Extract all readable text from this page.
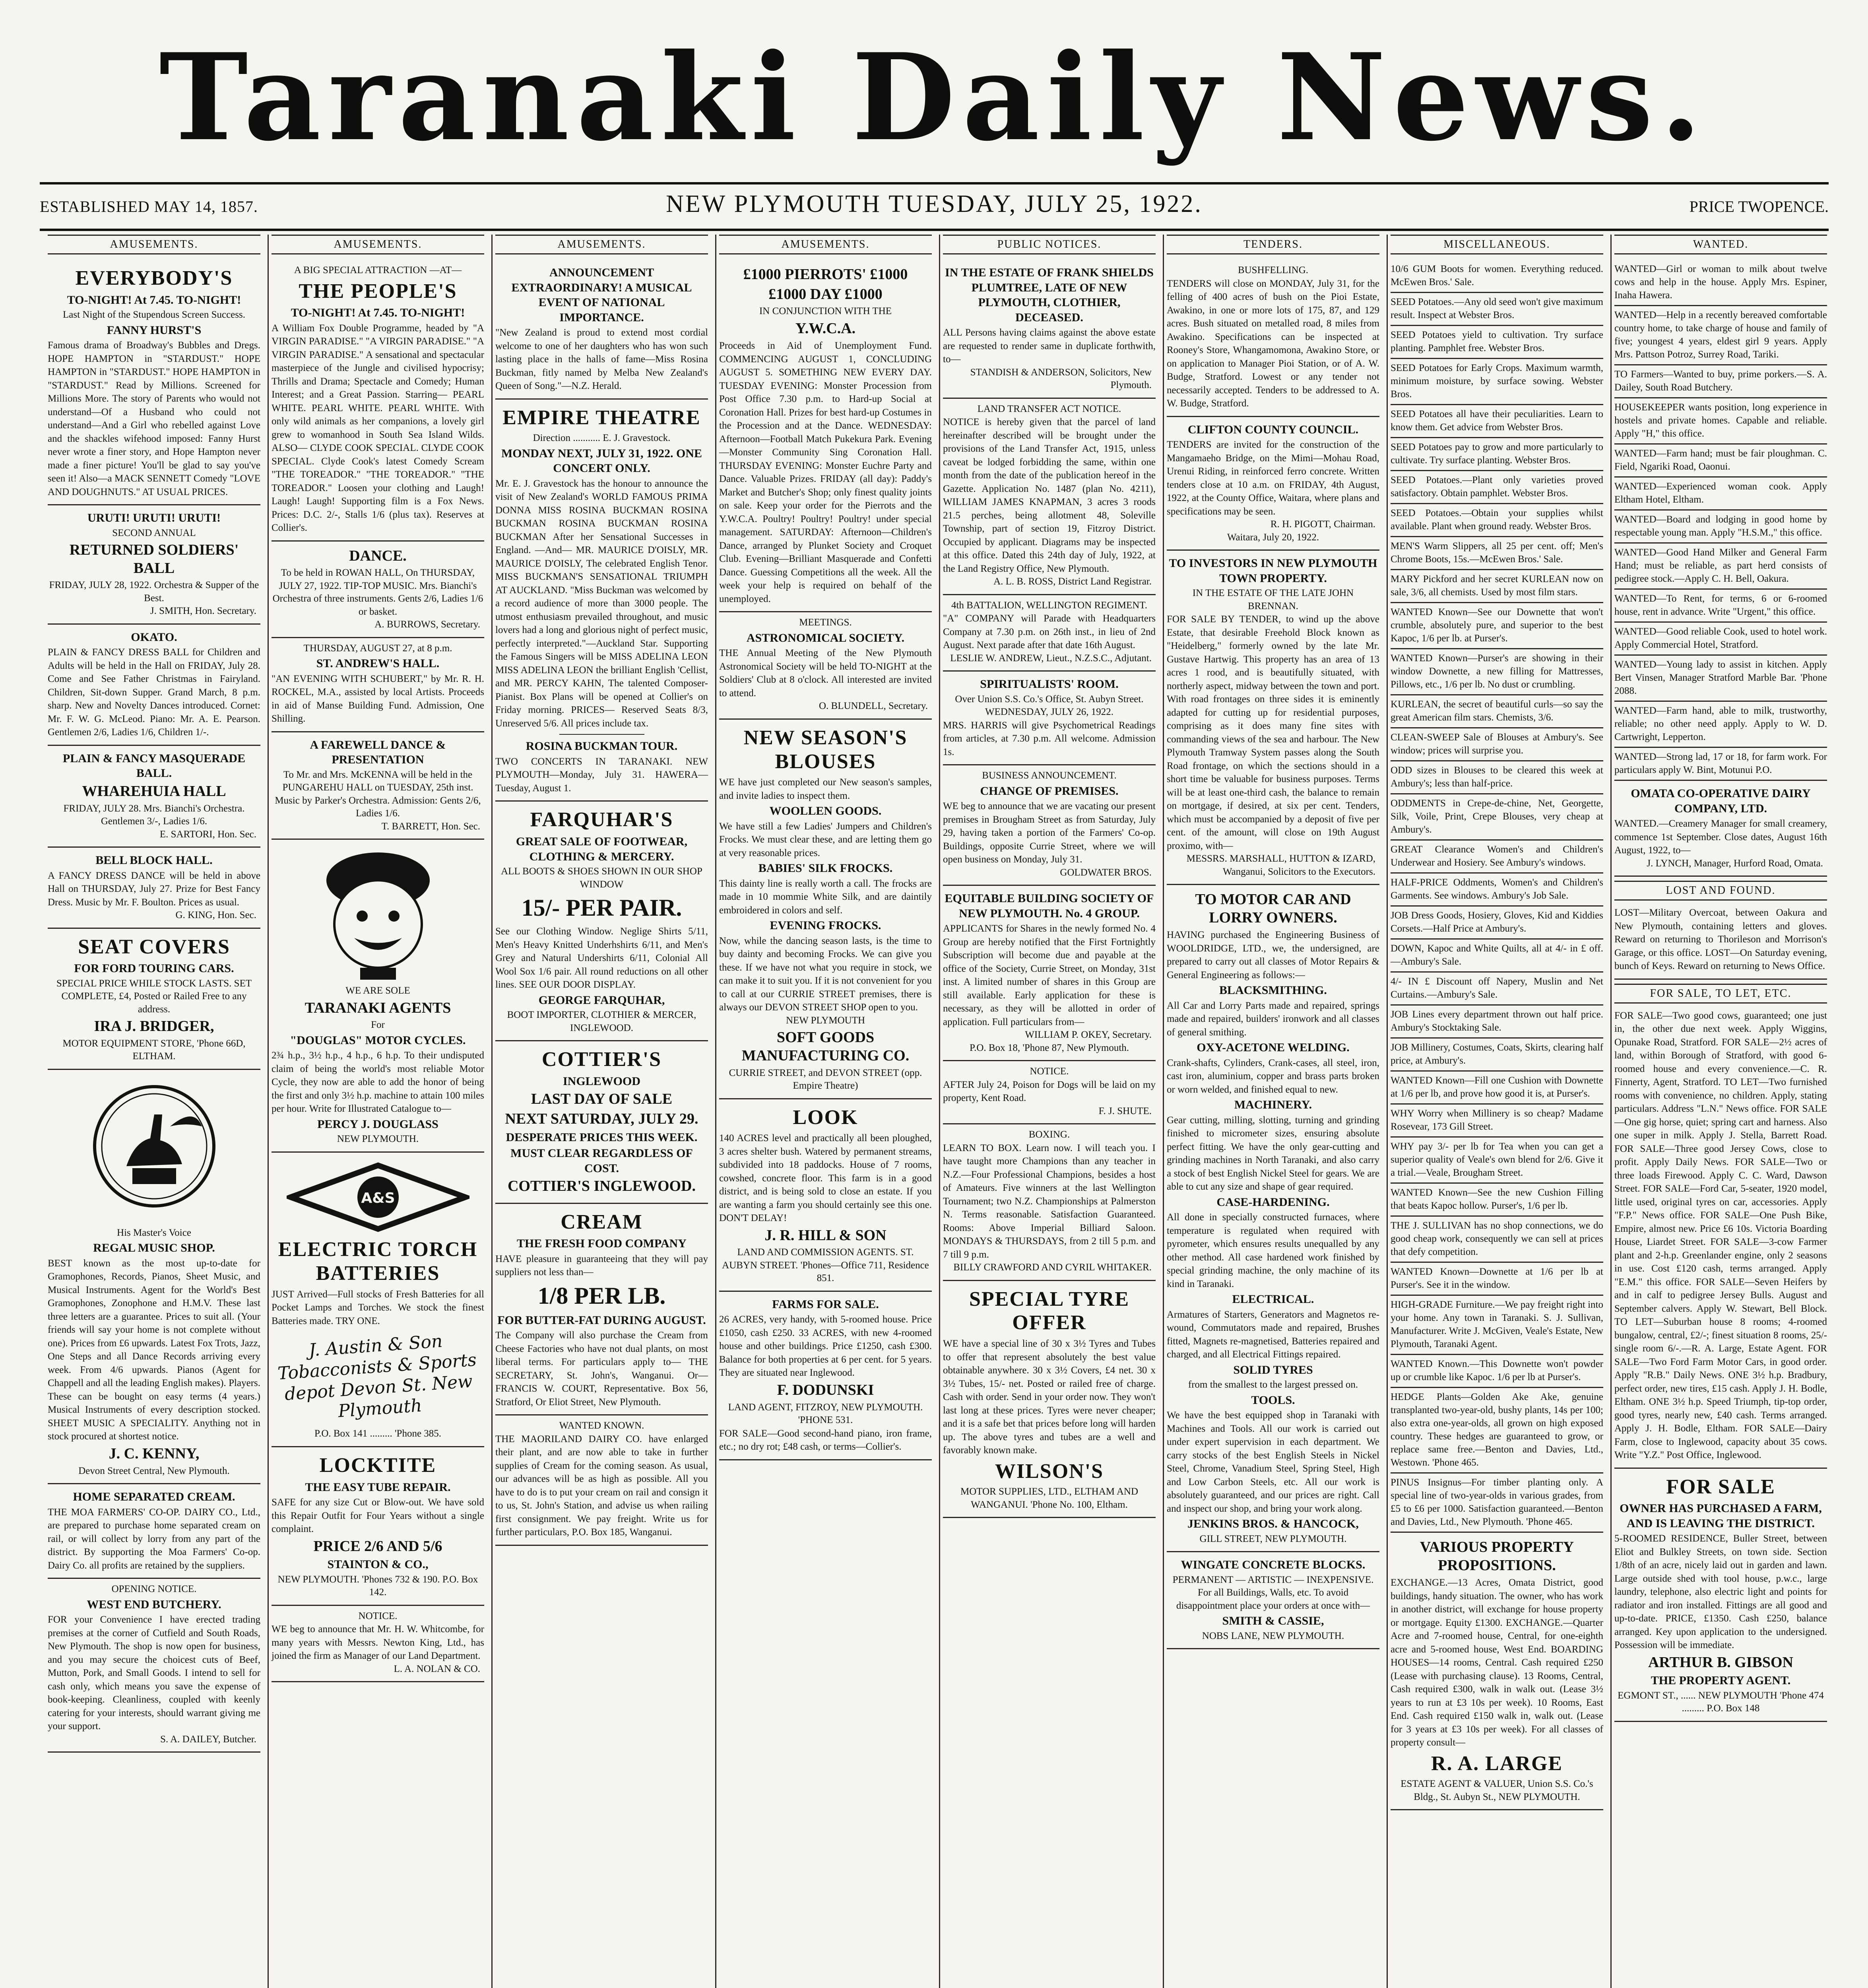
Taranaki Daily News.
ESTABLISHED MAY 14, 1857.	NEW PLYMOUTH TUESDAY, JULY 25, 1922.	PRICE TWOPENCE.
AMUSEMENTS.
EVERYBODY'S
TO-NIGHT! At 7.45. TO-NIGHT!
Last Night of the Stupendous Screen Success.
FANNY HURST'S
Famous drama of Broadway's Bubbles and Dregs. HOPE HAMPTON in "STARDUST." HOPE HAMPTON in "STARDUST." HOPE HAMPTON in "STARDUST." Read by Millions. Screened for Millions More. The story of Parents who would not understand—Of a Husband who could not understand—And a Girl who rebelled against Love and the shackles wifehood imposed: Fanny Hurst never wrote a finer story, and Hope Hampton never made a finer picture! You'll be glad to say you've seen it! Also—a MACK SENNETT Comedy "LOVE AND DOUGHNUTS." AT USUAL PRICES.
URUTI! URUTI! URUTI!
SECOND ANNUAL
RETURNED SOLDIERS' BALL
FRIDAY, JULY 28, 1922. Orchestra & Supper of the Best.
J. SMITH, Hon. Secretary.
OKATO.
PLAIN & FANCY DRESS BALL for Children and Adults will be held in the Hall on FRIDAY, July 28. Come and See Father Christmas in Fairyland. Children, Sit-down Supper. Grand March, 8 p.m. sharp. New and Novelty Dances introduced. Cornet: Mr. F. W. G. McLeod. Piano: Mr. A. E. Pearson. Gentlemen 2/6, Ladies 1/6, Children 1/-.
PLAIN & FANCY MASQUERADE BALL.
WHAREHUIA HALL
FRIDAY, JULY 28. Mrs. Bianchi's Orchestra. Gentlemen 3/-, Ladies 1/6.
E. SARTORI, Hon. Sec.
BELL BLOCK HALL.
A FANCY DRESS DANCE will be held in above Hall on THURSDAY, July 27. Prize for Best Fancy Dress. Music by Mr. F. Boulton. Prices as usual.
G. KING, Hon. Sec.
SEAT COVERS
FOR FORD TOURING CARS.
SPECIAL PRICE WHILE STOCK LASTS. SET COMPLETE, £4, Posted or Railed Free to any address.
IRA J. BRIDGER,
MOTOR EQUIPMENT STORE, 'Phone 66D, ELTHAM.
His Master's Voice
REGAL MUSIC SHOP.
BEST known as the most up-to-date for Gramophones, Records, Pianos, Sheet Music, and Musical Instruments. Agent for the World's Best Gramophones, Zonophone and H.M.V. These last three letters are a guarantee. Prices to suit all. (Your friends will say your home is not complete without one). Prices from £6 upwards. Latest Fox Trots, Jazz, One Steps and all Dance Records arriving every week. From 4/6 upwards. Pianos (Agent for Chappell and all the leading English makes). Players. These can be bought on easy terms (4 years.) Musical Instruments of every description stocked. SHEET MUSIC A SPECIALITY. Anything not in stock procured at shortest notice.
J. C. KENNY,
Devon Street Central, New Plymouth.
HOME SEPARATED CREAM.
THE MOA FARMERS' CO-OP. DAIRY CO., Ltd., are prepared to purchase home separated cream on rail, or will collect by lorry from any part of the district. By supporting the Moa Farmers' Co-op. Dairy Co. all profits are retained by the suppliers.
OPENING NOTICE.
WEST END BUTCHERY.
FOR your Convenience I have erected trading premises at the corner of Cutfield and South Roads, New Plymouth. The shop is now open for business, and you may secure the choicest cuts of Beef, Mutton, Pork, and Small Goods. I intend to sell for cash only, which means you save the expense of book-keeping. Cleanliness, coupled with keenly catering for your interests, should warrant giving me your support.
S. A. DAILEY, Butcher.
AMUSEMENTS.
A BIG SPECIAL ATTRACTION —AT—
THE PEOPLE'S
TO-NIGHT! At 7.45. TO-NIGHT!
A William Fox Double Programme, headed by "A VIRGIN PARADISE." "A VIRGIN PARADISE." "A VIRGIN PARADISE." A sensational and spectacular masterpiece of the Jungle and civilised hypocrisy; Thrills and Drama; Spectacle and Comedy; Human Interest; and a Great Passion. Starring— PEARL WHITE. PEARL WHITE. PEARL WHITE. With only wild animals as her companions, a lovely girl grew to womanhood in South Sea Island Wilds. ALSO— CLYDE COOK SPECIAL. CLYDE COOK SPECIAL. Clyde Cook's latest Comedy Scream "THE TOREADOR." "THE TOREADOR." "THE TOREADOR." Loosen your clothing and Laugh! Laugh! Laugh! Supporting film is a Fox News. Prices: D.C. 2/-, Stalls 1/6 (plus tax). Reserves at Collier's.
DANCE.
To be held in ROWAN HALL, On THURSDAY, JULY 27, 1922. TIP-TOP MUSIC. Mrs. Bianchi's Orchestra of three instruments. Gents 2/6, Ladies 1/6 or basket.
A. BURROWS, Secretary.
THURSDAY, AUGUST 27, at 8 p.m.
ST. ANDREW'S HALL.
"AN EVENING WITH SCHUBERT," by Mr. R. H. ROCKEL, M.A., assisted by local Artists. Proceeds in aid of Manse Building Fund. Admission, One Shilling.
A FAREWELL DANCE & PRESENTATION
To Mr. and Mrs. McKENNA will be held in the PUNGAREHU HALL on TUESDAY, 25th inst. Music by Parker's Orchestra. Admission: Gents 2/6, Ladies 1/6.
T. BARRETT, Hon. Sec.
WE ARE SOLE
TARANAKI AGENTS
For
"DOUGLAS" MOTOR CYCLES.
2¾ h.p., 3½ h.p., 4 h.p., 6 h.p. To their undisputed claim of being the world's most reliable Motor Cycle, they now are able to add the honor of being the first and only 3½ h.p. machine to attain 100 miles per hour. Write for Illustrated Catalogue to—
PERCY J. DOUGLASS
NEW PLYMOUTH.
A&S
ELECTRIC TORCH BATTERIES
JUST Arrived—Full stocks of Fresh Batteries for all Pocket Lamps and Torches. We stock the finest Batteries made. TRY ONE.
J. Austin & Son Tobacconists & Sports depot Devon St. New Plymouth
P.O. Box 141 ......... 'Phone 385.
LOCKTITE
THE EASY TUBE REPAIR.
SAFE for any size Cut or Blow-out. We have sold this Repair Outfit for Four Years without a single complaint.
PRICE 2/6 AND 5/6
STAINTON & CO.,
NEW PLYMOUTH. 'Phones 732 & 190. P.O. Box 142.
NOTICE.
WE beg to announce that Mr. H. W. Whitcombe, for many years with Messrs. Newton King, Ltd., has joined the firm as Manager of our Land Department.
L. A. NOLAN & CO.
AMUSEMENTS.
ANNOUNCEMENT EXTRAORDINARY! A MUSICAL EVENT OF NATIONAL IMPORTANCE.
"New Zealand is proud to extend most cordial welcome to one of her daughters who has won such lasting place in the halls of fame—Miss Rosina Buckman, fitly named by Melba New Zealand's Queen of Song."—N.Z. Herald.
EMPIRE THEATRE
Direction ........... E. J. Gravestock.
MONDAY NEXT, JULY 31, 1922. ONE CONCERT ONLY.
Mr. E. J. Gravestock has the honour to announce the visit of New Zealand's WORLD FAMOUS PRIMA DONNA MISS ROSINA BUCKMAN ROSINA BUCKMAN ROSINA BUCKMAN ROSINA BUCKMAN After her Sensational Successes in England. —And— MR. MAURICE D'OISLY, MR. MAURICE D'OISLY, The celebrated English Tenor. MISS BUCKMAN'S SENSATIONAL TRIUMPH AT AUCKLAND. "Miss Buckman was welcomed by a record audience of more than 3000 people. The utmost enthusiasm prevailed throughout, and music lovers had a long and glorious night of perfect music, perfectly interpreted."—Auckland Star. Supporting the Famous Singers will be MISS ADELINA LEON MISS ADELINA LEON the brilliant English 'Cellist, and MR. PERCY KAHN, The talented Composer-Pianist. Box Plans will be opened at Collier's on Friday morning. PRICES— Reserved Seats 8/3, Unreserved 5/6. All prices include tax.
ROSINA BUCKMAN TOUR.
TWO CONCERTS IN TARANAKI. NEW PLYMOUTH—Monday, July 31. HAWERA—Tuesday, August 1.
FARQUHAR'S
GREAT SALE OF FOOTWEAR, CLOTHING & MERCERY.
ALL BOOTS & SHOES SHOWN IN OUR SHOP WINDOW
15/- PER PAIR.
See our Clothing Window. Neglige Shirts 5/11, Men's Heavy Knitted Underhshirts 6/11, and Men's Grey and Natural Undershirts 6/11, Colonial All Wool Sox 1/6 pair. All round reductions on all other lines. SEE OUR DOOR DISPLAY.
GEORGE FARQUHAR,
BOOT IMPORTER, CLOTHIER & MERCER, INGLEWOOD.
COTTIER'S
INGLEWOOD
LAST DAY OF SALE
NEXT SATURDAY, JULY 29.
DESPERATE PRICES THIS WEEK.
MUST CLEAR REGARDLESS OF COST.
COTTIER'S INGLEWOOD.
CREAM
THE FRESH FOOD COMPANY
HAVE pleasure in guaranteeing that they will pay suppliers not less than—
1/8 PER LB.
FOR BUTTER-FAT DURING AUGUST.
The Company will also purchase the Cream from Cheese Factories who have not dual plants, on most liberal terms. For particulars apply to— THE SECRETARY, St. John's, Wanganui. Or— FRANCIS W. COURT, Representative. Box 56, Stratford, Or Eliot Street, New Plymouth.
WANTED KNOWN.
THE MAORILAND DAIRY CO. have enlarged their plant, and are now able to take in further supplies of Cream for the coming season. As usual, our advances will be as high as possible. All you have to do is to put your cream on rail and consign it to us, St. John's Station, and advise us when railing first consignment. We pay freight. Write us for further particulars, P.O. Box 185, Wanganui.
AMUSEMENTS.
£1000 PIERROTS' £1000
£1000 DAY £1000
IN CONJUNCTION WITH THE
Y.W.C.A.
Proceeds in Aid of Unemployment Fund. COMMENCING AUGUST 1, CONCLUDING AUGUST 5. SOMETHING NEW EVERY DAY. TUESDAY EVENING: Monster Procession from Post Office 7.30 p.m. to Hard-up Social at Coronation Hall. Prizes for best hard-up Costumes in the Procession and at the Dance. WEDNESDAY: Afternoon—Football Match Pukekura Park. Evening—Monster Community Sing Coronation Hall. THURSDAY EVENING: Monster Euchre Party and Dance. Valuable Prizes. FRIDAY (all day): Paddy's Market and Butcher's Shop; only finest quality joints on sale. Keep your order for the Pierrots and the Y.W.C.A. Poultry! Poultry! Poultry! under special management. SATURDAY: Afternoon—Children's Dance, arranged by Plunket Society and Croquet Club. Evening—Brilliant Masquerade and Confetti Dance. Guessing Competitions all the week. All the week your help is required on behalf of the unemployed.
MEETINGS.
ASTRONOMICAL SOCIETY.
THE Annual Meeting of the New Plymouth Astronomical Society will be held TO-NIGHT at the Soldiers' Club at 8 o'clock. All interested are invited to attend.
O. BLUNDELL, Secretary.
NEW SEASON'S BLOUSES
WE have just completed our New season's samples, and invite ladies to inspect them.
WOOLLEN GOODS.
We have still a few Ladies' Jumpers and Children's Frocks. We must clear these, and are letting them go at very reasonable prices.
BABIES' SILK FROCKS.
This dainty line is really worth a call. The frocks are made in 10 mommie White Silk, and are daintily embroidered in colors and self.
EVENING FROCKS.
Now, while the dancing season lasts, is the time to buy dainty and becoming Frocks. We can give you these. If we have not what you require in stock, we can make it to suit you. If it is not convenient for you to call at our CURRIE STREET premises, there is always our DEVON STREET SHOP open to you.
NEW PLYMOUTH
SOFT GOODS MANUFACTURING CO.
CURRIE STREET, and DEVON STREET (opp. Empire Theatre)
LOOK
140 ACRES level and practically all been ploughed, 3 acres shelter bush. Watered by permanent streams, subdivided into 18 paddocks. House of 7 rooms, cowshed, concrete floor. This farm is in a good district, and is being sold to close an estate. If you are wanting a farm you should certainly see this one. DON'T DELAY!
J. R. HILL & SON
LAND AND COMMISSION AGENTS. ST. AUBYN STREET. 'Phones—Office 711, Residence 851.
FARMS FOR SALE.
26 ACRES, very handy, with 5-roomed house. Price £1050, cash £250. 33 ACRES, with new 4-roomed house and other buildings. Price £1250, cash £300. Balance for both properties at 6 per cent. for 5 years. They are situated near Inglewood.
F. DODUNSKI
LAND AGENT, FITZROY, NEW PLYMOUTH. 'PHONE 531.
FOR SALE—Good second-hand piano, iron frame, etc.; no dry rot; £48 cash, or terms—Collier's.
PUBLIC NOTICES.
IN THE ESTATE OF FRANK SHIELDS PLUMTREE, LATE OF NEW PLYMOUTH, CLOTHIER, DECEASED.
ALL Persons having claims against the above estate are requested to render same in duplicate forthwith, to—
STANDISH & ANDERSON, Solicitors, New Plymouth.
LAND TRANSFER ACT NOTICE.
NOTICE is hereby given that the parcel of land hereinafter described will be brought under the provisions of the Land Transfer Act, 1915, unless caveat be lodged forbidding the same, within one month from the date of the publication hereof in the Gazette. Application No. 1487 (plan No. 4211), WILLIAM JAMES KNAPMAN, 3 acres 3 roods 21.5 perches, being allotment 48, Soleville Township, part of section 19, Fitzroy District. Occupied by applicant. Diagrams may be inspected at this office. Dated this 24th day of July, 1922, at the Land Registry Office, New Plymouth.
A. L. B. ROSS, District Land Registrar.
4th BATTALION, WELLINGTON REGIMENT.
"A" COMPANY will Parade with Headquarters Company at 7.30 p.m. on 26th inst., in lieu of 2nd August. Next parade after that date 16th August.
LESLIE W. ANDREW, Lieut., N.Z.S.C., Adjutant.
SPIRITUALISTS' ROOM.
Over Union S.S. Co.'s Office, St. Aubyn Street.
WEDNESDAY, JULY 26, 1922.
MRS. HARRIS will give Psychometrical Readings from articles, at 7.30 p.m. All welcome. Admission 1s.
BUSINESS ANNOUNCEMENT.
CHANGE OF PREMISES.
WE beg to announce that we are vacating our present premises in Brougham Street as from Saturday, July 29, having taken a portion of the Farmers' Co-op. Buildings, opposite Currie Street, where we will open business on Monday, July 31.
GOLDWATER BROS.
EQUITABLE BUILDING SOCIETY OF NEW PLYMOUTH. No. 4 GROUP.
APPLICANTS for Shares in the newly formed No. 4 Group are hereby notified that the First Fortnightly Subscription will become due and payable at the office of the Society, Currie Street, on Monday, 31st inst. A limited number of shares in this Group are still available. Early application for these is necessary, as they will be allotted in order of application. Full particulars from—
WILLIAM P. OKEY, Secretary.
P.O. Box 18, 'Phone 87, New Plymouth.
NOTICE.
AFTER July 24, Poison for Dogs will be laid on my property, Kent Road.
F. J. SHUTE.
BOXING.
LEARN TO BOX. Learn now. I will teach you. I have taught more Champions than any teacher in N.Z.—Four Professional Champions, besides a host of Amateurs. Five winners at the last Wellington Tournament; two N.Z. Championships at Palmerston N. Terms reasonable. Satisfaction Guaranteed. Rooms: Above Imperial Billiard Saloon. MONDAYS & THURSDAYS, from 2 till 5 p.m. and 7 till 9 p.m.
BILLY CRAWFORD AND CYRIL WHITAKER.
SPECIAL TYRE OFFER
WE have a special line of 30 x 3½ Tyres and Tubes to offer that represent absolutely the best value obtainable anywhere. 30 x 3½ Covers, £4 net. 30 x 3½ Tubes, 15/- net. Posted or railed free of charge. Cash with order. Send in your order now. They won't last long at these prices. Tyres were never cheaper; and it is a safe bet that prices before long will harden up. The above tyres and tubes are a well and favorably known make.
WILSON'S
MOTOR SUPPLIES, LTD., ELTHAM AND WANGANUI. 'Phone No. 100, Eltham.
TENDERS.
BUSHFELLING.
TENDERS will close on MONDAY, July 31, for the felling of 400 acres of bush on the Pioi Estate, Awakino, in one or more lots of 175, 87, and 129 acres. Bush situated on metalled road, 8 miles from Awakino. Specifications can be inspected at Rooney's Store, Whangamomona, Awakino Store, or on application to Manager Pioi Station, or of A. W. Budge, Stratford. Lowest or any tender not necessarily accepted. Tenders to be addressed to A. W. Budge, Stratford.
CLIFTON COUNTY COUNCIL.
TENDERS are invited for the construction of the Mangamaeho Bridge, on the Mimi—Mohau Road, Urenui Riding, in reinforced ferro concrete. Written tenders close at 10 a.m. on FRIDAY, 4th August, 1922, at the County Office, Waitara, where plans and specifications may be seen.
R. H. PIGOTT, Chairman.
Waitara, July 20, 1922.
TO INVESTORS IN NEW PLYMOUTH TOWN PROPERTY.
IN THE ESTATE OF THE LATE JOHN BRENNAN.
FOR SALE BY TENDER, to wind up the above Estate, that desirable Freehold Block known as "Heidelberg," formerly owned by the late Mr. Gustave Hartwig. This property has an area of 13 acres 1 rood, and is beautifully situated, with northerly aspect, midway between the town and port. With road frontages on three sides it is eminently adapted for cutting up for residential purposes, comprising as it does many fine sites with commanding views of the sea and harbour. The New Plymouth Tramway System passes along the South Road frontage, on which the sections should in a short time be valuable for business purposes. Terms will be at least one-third cash, the balance to remain on mortgage, if desired, at six per cent. Tenders, which must be accompanied by a deposit of five per cent. of the amount, will close on 19th August proximo, with—
MESSRS. MARSHALL, HUTTON & IZARD, Wanganui, Solicitors to the Executors.
TO MOTOR CAR AND LORRY OWNERS.
HAVING purchased the Engineering Business of WOOLDRIDGE, LTD., we, the undersigned, are prepared to carry out all classes of Motor Repairs & General Engineering as follows:—
BLACKSMITHING.
All Car and Lorry Parts made and repaired, springs made and repaired, builders' ironwork and all classes of general smithing.
OXY-ACETONE WELDING.
Crank-shafts, Cylinders, Crank-cases, all steel, iron, cast iron, aluminium, copper and brass parts broken or worn welded, and finished equal to new.
MACHINERY.
Gear cutting, milling, slotting, turning and grinding finished to micrometer sizes, ensuring absolute perfect fitting. We have the only gear-cutting and grinding machines in North Taranaki, and also carry a stock of best English Nickel Steel for gears. We are able to cut any size and shape of gear required.
CASE-HARDENING.
All done in specially constructed furnaces, where temperature is regulated when required with pyrometer, which ensures results unequalled by any other method. All case hardened work finished by special grinding machine, the only machine of its kind in Taranaki.
ELECTRICAL.
Armatures of Starters, Generators and Magnetos re-wound, Commutators made and repaired, Brushes fitted, Magnets re-magnetised, Batteries repaired and charged, and all Electrical Fittings repaired.
SOLID TYRES
from the smallest to the largest pressed on.
TOOLS.
We have the best equipped shop in Taranaki with Machines and Tools. All our work is carried out under expert supervision in each department. We carry stocks of the best English Steels in Nickel Steel, Chrome, Vanadium Steel, Spring Steel, High and Low Carbon Steels, etc. All our work is absolutely guaranteed, and our prices are right. Call and inspect our shop, and bring your work along.
JENKINS BROS. & HANCOCK,
GILL STREET, NEW PLYMOUTH.
WINGATE CONCRETE BLOCKS.
PERMANENT — ARTISTIC — INEXPENSIVE.
For all Buildings, Walls, etc. To avoid disappointment place your orders at once with—
SMITH & CASSIE,
NOBS LANE, NEW PLYMOUTH.
MISCELLANEOUS.
10/6 GUM Boots for women. Everything reduced. McEwen Bros.' Sale.
SEED Potatoes.—Any old seed won't give maximum result. Inspect at Webster Bros.
SEED Potatoes yield to cultivation. Try surface planting. Pamphlet free. Webster Bros.
SEED Potatoes for Early Crops. Maximum warmth, minimum moisture, by surface sowing. Webster Bros.
SEED Potatoes all have their peculiarities. Learn to know them. Get advice from Webster Bros.
SEED Potatoes pay to grow and more particularly to cultivate. Try surface planting. Webster Bros.
SEED Potatoes.—Plant only varieties proved satisfactory. Obtain pamphlet. Webster Bros.
SEED Potatoes.—Obtain your supplies whilst available. Plant when ground ready. Webster Bros.
MEN'S Warm Slippers, all 25 per cent. off; Men's Chrome Boots, 15s.—McEwen Bros.' Sale.
MARY Pickford and her secret KURLEAN now on sale, 3/6, all chemists. Used by most film stars.
WANTED Known—See our Downette that won't crumble, absolutely pure, and superior to the best Kapoc, 1/6 per lb. at Purser's.
WANTED Known—Purser's are showing in their window Downette, a new filling for Mattresses, Pillows, etc., 1/6 per lb. No dust or crumbling.
KURLEAN, the secret of beautiful curls—so say the great American film stars. Chemists, 3/6.
CLEAN-SWEEP Sale of Blouses at Ambury's. See window; prices will surprise you.
ODD sizes in Blouses to be cleared this week at Ambury's; less than half-price.
ODDMENTS in Crepe-de-chine, Net, Georgette, Silk, Voile, Print, Crepe Blouses, very cheap at Ambury's.
GREAT Clearance Women's and Children's Underwear and Hosiery. See Ambury's windows.
HALF-PRICE Oddments, Women's and Children's Garments. See windows. Ambury's Job Sale.
JOB Dress Goods, Hosiery, Gloves, Kid and Kiddies Corsets.—Half Price at Ambury's.
DOWN, Kapoc and White Quilts, all at 4/- in £ off.—Ambury's Sale.
4/- IN £ Discount off Napery, Muslin and Net Curtains.—Ambury's Sale.
JOB Lines every department thrown out half price. Ambury's Stocktaking Sale.
JOB Millinery, Costumes, Coats, Skirts, clearing half price, at Ambury's.
WANTED Known—Fill one Cushion with Downette at 1/6 per lb, and prove how good it is, at Purser's.
WHY Worry when Millinery is so cheap? Madame Rosevear, 173 Gill Street.
WHY pay 3/- per lb for Tea when you can get a superior quality of Veale's own blend for 2/6. Give it a trial.—Veale, Brougham Street.
WANTED Known—See the new Cushion Filling that beats Kapoc hollow. Purser's, 1/6 per lb.
THE J. SULLIVAN has no shop connections, we do good cheap work, consequently we can sell at prices that defy competition.
WANTED Known—Downette at 1/6 per lb at Purser's. See it in the window.
HIGH-GRADE Furniture.—We pay freight right into your home. Any town in Taranaki. S. J. Sullivan, Manufacturer. Write J. McGiven, Veale's Estate, New Plymouth, Taranaki Agent.
WANTED Known.—This Downette won't powder up or crumble like Kapoc. 1/6 per lb at Purser's.
HEDGE Plants—Golden Ake Ake, genuine transplanted two-year-old, bushy plants, 14s per 100; also extra one-year-olds, all grown on high exposed country. These hedges are guaranteed to grow, or replace same free.—Benton and Davies, Ltd., Westown. 'Phone 465.
PINUS Insignus—For timber planting only. A special line of two-year-olds in various grades, from £5 to £6 per 1000. Satisfaction guaranteed.—Benton and Davies, Ltd., New Plymouth. 'Phone 465.
VARIOUS PROPERTY PROPOSITIONS.
EXCHANGE.—13 Acres, Omata District, good buildings, handy situation. The owner, who has work in another district, will exchange for house property or mortgage. Equity £1300. EXCHANGE.—Quarter Acre and 7-roomed house, Central, for one-eighth acre and 5-roomed house, West End. BOARDING HOUSES—14 rooms, Central. Cash required £250 (Lease with purchasing clause). 13 Rooms, Central, Cash required £300, walk in walk out. (Lease 3½ years to run at £3 10s per week). 10 Rooms, East End. Cash required £150 walk in, walk out. (Lease for 3 years at £3 10s per week). For all classes of property consult—
R. A. LARGE
ESTATE AGENT & VALUER, Union S.S. Co.'s Bldg., St. Aubyn St., NEW PLYMOUTH.
WANTED.
WANTED—Girl or woman to milk about twelve cows and help in the house. Apply Mrs. Espiner, Inaha Hawera.
WANTED—Help in a recently bereaved comfortable country home, to take charge of house and family of five; youngest 4 years, eldest girl 9 years. Apply Mrs. Pattson Potroz, Surrey Road, Tariki.
TO Farmers—Wanted to buy, prime porkers.—S. A. Dailey, South Road Butchery.
HOUSEKEEPER wants position, long experience in hostels and private homes. Capable and reliable. Apply "H," this office.
WANTED—Farm hand; must be fair ploughman. C. Field, Ngariki Road, Oaonui.
WANTED—Experienced woman cook. Apply Eltham Hotel, Eltham.
WANTED—Board and lodging in good home by respectable young man. Apply "H.S.M.," this office.
WANTED—Good Hand Milker and General Farm Hand; must be reliable, as part herd consists of pedigree stock.—Apply C. H. Bell, Oakura.
WANTED—To Rent, for terms, 6 or 6-roomed house, rent in advance. Write "Urgent," this office.
WANTED—Good reliable Cook, used to hotel work. Apply Commercial Hotel, Stratford.
WANTED—Young lady to assist in kitchen. Apply Bert Vinsen, Manager Stratford Marble Bar. 'Phone 2088.
WANTED—Farm hand, able to milk, trustworthy, reliable; no other need apply. Apply to W. D. Cartwright, Lepperton.
WANTED—Strong lad, 17 or 18, for farm work. For particulars apply W. Bint, Motunui P.O.
OMATA CO-OPERATIVE DAIRY COMPANY, LTD.
WANTED.—Creamery Manager for small creamery, commence 1st September. Close dates, August 16th August, 1922, to—
J. LYNCH, Manager, Hurford Road, Omata.
LOST AND FOUND.
LOST—Military Overcoat, between Oakura and New Plymouth, containing letters and gloves. Reward on returning to Thorileson and Morrison's Garage, or this office. LOST—On Saturday evening, bunch of Keys. Reward on returning to News Office.
FOR SALE, TO LET, ETC.
FOR SALE—Two good cows, guaranteed; one just in, the other due next week. Apply Wiggins, Opunake Road, Stratford. FOR SALE—2½ acres of land, within Borough of Stratford, with good 6-roomed house and every convenience.—C. R. Finnerty, Agent, Stratford. TO LET—Two furnished rooms with convenience, no children. Apply, stating particulars. Address "L.N." News office. FOR SALE—One gig horse, quiet; spring cart and harness. Also one super in milk. Apply J. Stella, Barrett Road. FOR SALE—Three good Jersey Cows, close to profit. Apply Daily News. FOR SALE—Two or three loads Firewood. Apply C. C. Ward, Dawson Street. FOR SALE—Ford Car, 5-seater, 1920 model, little used, original tyres on car, accessories. Apply "F.P." News office. FOR SALE—One Push Bike, Empire, almost new. Price £6 10s. Victoria Boarding House, Liardet Street. FOR SALE—3-cow Farmer plant and 2-h.p. Greenlander engine, only 2 seasons in use. Cost £120 cash, terms arranged. Apply "E.M." this office. FOR SALE—Seven Heifers by and in calf to pedigree Jersey Bulls. August and September calvers. Apply W. Stewart, Bell Block. TO LET—Suburban house 8 rooms; 4-roomed bungalow, central, £2/-; finest situation 8 rooms, 25/- single room 6/-.—R. A. Large, Estate Agent. FOR SALE—Two Ford Farm Motor Cars, in good order. Apply "R.B." Daily News. ONE 3½ h.p. Bradbury, perfect order, new tires, £15 cash. Apply J. H. Bodle, Eltham. ONE 3½ h.p. Speed Triumph, tip-top order, good tyres, nearly new, £40 cash. Terms arranged. Apply J. H. Bodle, Eltham. FOR SALE—Dairy Farm, close to Inglewood, capacity about 35 cows. Write "Y.Z." Post Office, Inglewood.
FOR SALE
OWNER HAS PURCHASED A FARM, AND IS LEAVING THE DISTRICT.
5-ROOMED RESIDENCE, Buller Street, between Eliot and Bulkley Streets, on town side. Section 1/8th of an acre, nicely laid out in garden and lawn. Large outside shed with tool house, p.w.c., large laundry, telephone, also electric light and points for radiator and iron installed. Fittings are all good and up-to-date. PRICE, £1350. Cash £250, balance arranged. Key upon application to the undersigned. Possession will be immediate.
ARTHUR B. GIBSON
THE PROPERTY AGENT.
EGMONT ST., ...... NEW PLYMOUTH 'Phone 474 ......... P.O. Box 148
